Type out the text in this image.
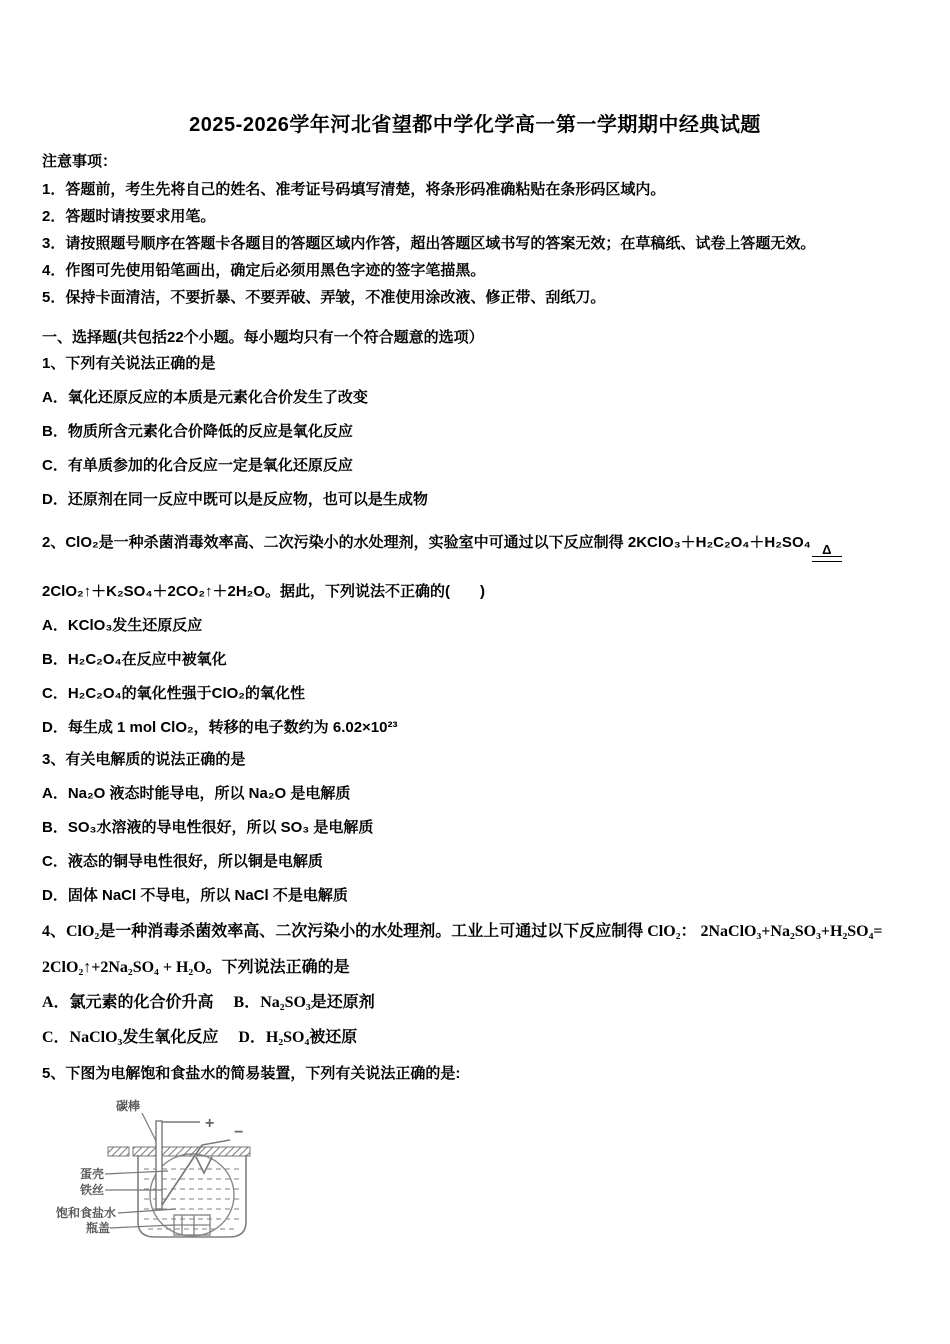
2025-2026学年河北省望都中学化学高一第一学期期中经典试题

注意事项：

1．答题前，考生先将自己的姓名、准考证号码填写清楚，将条形码准确粘贴在条形码区域内。

2．答题时请按要求用笔。

3．请按照题号顺序在答题卡各题目的答题区域内作答，超出答题区域书写的答案无效；在草稿纸、试卷上答题无效。

4．作图可先使用铅笔画出，确定后必须用黑色字迹的签字笔描黑。

5．保持卡面清洁，不要折暴、不要弄破、弄皱，不准使用涂改液、修正带、刮纸刀。

一、选择题(共包括22个小题。每小题均只有一个符合题意的选项）

1、下列有关说法正确的是

A．氧化还原反应的本质是元素化合价发生了改变

B．物质所含元素化合价降低的反应是氧化反应

C．有单质参加的化合反应一定是氧化还原反应

D．还原剂在同一反应中既可以是反应物，也可以是生成物

2、ClO₂是一种杀菌消毒效率高、二次污染小的水处理剂，实验室中可通过以下反应制得 2KClO₃＋H₂C₂O₄＋H₂SO₄ Δ

2ClO₂↑＋K₂SO₄＋2CO₂↑＋2H₂O。据此，下列说法不正确的(　　)

A．KClO₃发生还原反应

B．H₂C₂O₄在反应中被氧化

C．H₂C₂O₄的氧化性强于ClO₂的氧化性

D．每生成 1 mol ClO₂，转移的电子数约为 6.02×10²³

3、有关电解质的说法正确的是

A．Na₂O 液态时能导电，所以 Na₂O 是电解质

B．SO₃水溶液的导电性很好，所以 SO₃ 是电解质

C．液态的铜导电性很好，所以铜是电解质

D．固体 NaCl 不导电，所以 NaCl 不是电解质

4、ClO₂是一种消毒杀菌效率高、二次污染小的水处理剂。工业上可通过以下反应制得 ClO₂： 2NaClO₃+Na₂SO₃+H₂SO₄=

2ClO₂↑+2Na₂SO₄ + H₂O。下列说法正确的是

A．氯元素的化合价升高　 B．Na₂SO₃是还原剂

C．NaClO₃发生氧化反应　 D．H₂SO₄被还原

5、下图为电解饱和食盐水的简易装置，下列有关说法正确的是:

+
−
碳棒
蛋壳
铁丝
饱和食盐水
瓶盖
